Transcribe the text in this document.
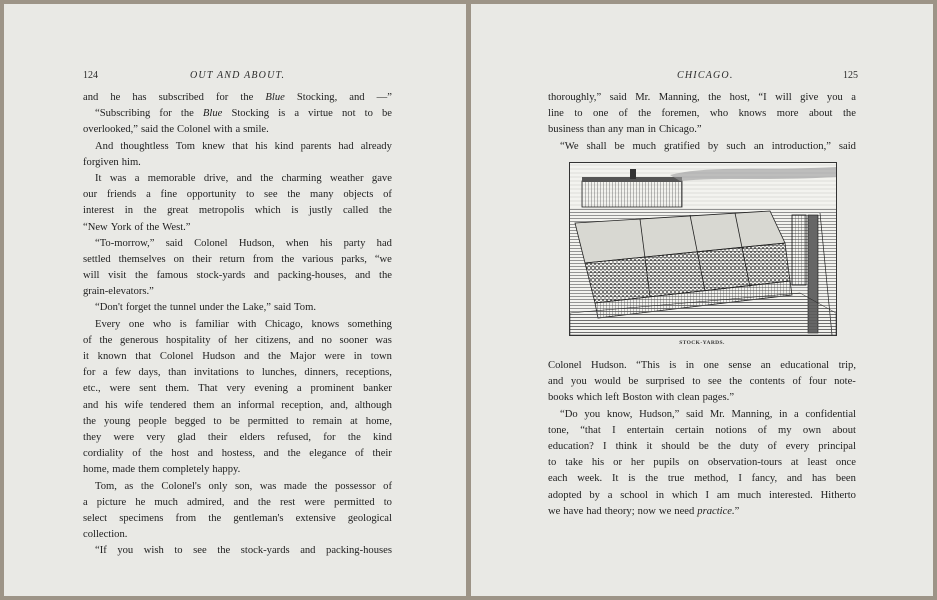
124	OUT AND ABOUT.
and he has subscribed for the Blue Stocking, and —”
“Subscribing for the Blue Stocking is a virtue not to be
overlooked,” said the Colonel with a smile.
And thoughtless Tom knew that his kind parents had already
forgiven him.
It was a memorable drive, and the charming weather gave
our friends a fine opportunity to see the many objects of
interest in the great metropolis which is justly called the
“New York of the West.”
“To-morrow,” said Colonel Hudson, when his party had
settled themselves on their return from the various parks, “we
will visit the famous stock-yards and packing-houses, and the
grain-elevators.”
“Don't forget the tunnel under the Lake,” said Tom.
Every one who is familiar with Chicago, knows something
of the generous hospitality of her citizens, and no sooner was
it known that Colonel Hudson and the Major were in town
for a few days, than invitations to lunches, dinners, receptions,
etc., were sent them. That very evening a prominent banker
and his wife tendered them an informal reception, and, although
the young people begged to be permitted to remain at home,
they were very glad their elders refused, for the kind
cordiality of the host and hostess, and the elegance of their
home, made them completely happy.
Tom, as the Colonel's only son, was made the possessor of
a picture he much admired, and the rest were permitted to
select specimens from the gentleman's extensive geological
collection.
“If you wish to see the stock-yards and packing-houses
CHICAGO.	125
thoroughly,” said Mr. Manning, the host, “I will give you a
line to one of the foremen, who knows more about the
business than any man in Chicago.”
“We shall be much gratified by such an introduction,” said
STOCK-YARDS.
Colonel Hudson. “This is in one sense an educational trip,
and you would be surprised to see the contents of four note-
books which left Boston with clean pages.”
“Do you know, Hudson,” said Mr. Manning, in a confidential
tone, “that I entertain certain notions of my own about
education? I think it should be the duty of every principal
to take his or her pupils on observation-tours at least once
each week. It is the true method, I fancy, and has been
adopted by a school in which I am much interested. Hitherto
we have had theory; now we need practice.”
